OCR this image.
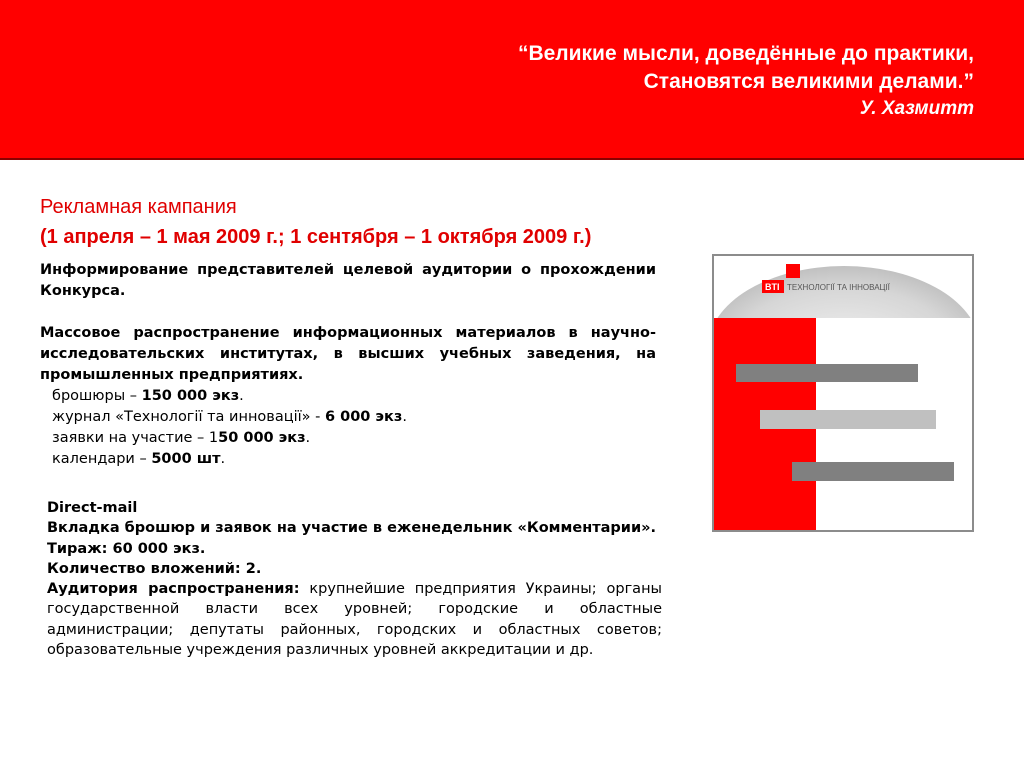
“Великие мысли, доведённые до практики,
Становятся великими делами.”
У. Хазмитт
Рекламная кампания
(1 апреля – 1 мая 2009 г.; 1 сентября – 1 октября 2009 г.)

Информирование представителей целевой аудитории о прохождении Конкурса.

Массовое распространение информационных материалов в научно-исследовательских институтах, в высших учебных заведения, на промышленных предприятиях.

брошюры – 150 000 экз.
журнал «Технології та инновації» - 6 000 экз.
заявки на участие – 150 000 экз.
календари – 5000 шт.

Direct-mail

Вкладка брошюр и заявок на участие в еженедельник «Комментарии».

Тираж: 60 000 экз.

Количество вложений: 2.

Аудитория распространения: крупнейшие предприятия Украины; органы государственной власти всех уровней; городские и областные администрации; депутаты районных, городских и областных советов; образовательные учреждения различных уровней аккредитации и др.

BTI ТЕХНОЛОГІЇ ТА ІННОВАЦІЇ
